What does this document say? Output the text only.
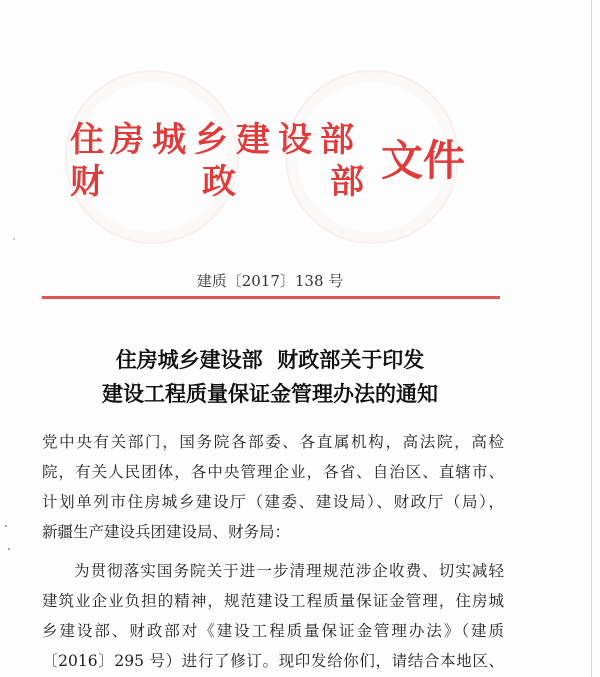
住 房 城 乡 建 设 部
财	政	部 文件
建质〔2017〕138 号
住房城乡建设部  财政部关于印发
建设工程质量保证金管理办法的通知
党中央有关部门，国务院各部委、各直属机构，高法院，高检
院，有关人民团体，各中央管理企业，各省、自治区、直辖市、
计划单列市住房城乡建设厅（建委、建设局）、财政厅（局），
新疆生产建设兵团建设局、财务局：
为贯彻落实国务院关于进一步清理规范涉企收费、切实减轻
建筑业企业负担的精神，规范建设工程质量保证金管理，住房城
乡建设部、财政部对《建设工程质量保证金管理办法》（建质
〔2016〕295 号）进行了修订。现印发给你们，请结合本地区、
